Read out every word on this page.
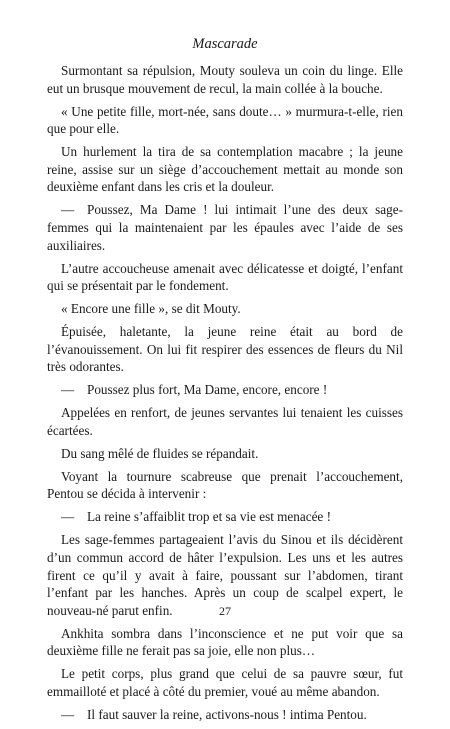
Mascarade

Surmontant sa répulsion, Mouty souleva un coin du linge. Elle eut un brusque mouvement de recul, la main collée à la bouche.

« Une petite fille, mort-née, sans doute… » murmura-t-elle, rien que pour elle.

Un hurlement la tira de sa contemplation macabre ; la jeune reine, assise sur un siège d’accouchement mettait au monde son deuxième enfant dans les cris et la douleur.

— Poussez, Ma Dame ! lui intimait l’une des deux sage-femmes qui la maintenaient par les épaules avec l’aide de ses auxiliaires.

L’autre accoucheuse amenait avec délicatesse et doigté, l’enfant qui se présentait par le fondement.

« Encore une fille », se dit Mouty.

Épuisée, haletante, la jeune reine était au bord de l’évanouissement. On lui fit respirer des essences de fleurs du Nil très odorantes.

— Poussez plus fort, Ma Dame, encore, encore !

Appelées en renfort, de jeunes servantes lui tenaient les cuisses écartées.

Du sang mêlé de fluides se répandait.

Voyant la tournure scabreuse que prenait l’accouchement, Pentou se décida à intervenir :

— La reine s’affaiblit trop et sa vie est menacée !

Les sage-femmes partageaient l’avis du Sinou et ils décidèrent d’un commun accord de hâter l’expulsion. Les uns et les autres firent ce qu’il y avait à faire, poussant sur l’abdomen, tirant l’enfant par les hanches. Après un coup de scalpel expert, le nouveau-né parut enfin.

Ankhita sombra dans l’inconscience et ne put voir que sa deuxième fille ne ferait pas sa joie, elle non plus…

Le petit corps, plus grand que celui de sa pauvre sœur, fut emmailloté et placé à côté du premier, voué au même abandon.

— Il faut sauver la reine, activons-nous ! intima Pentou.

27
